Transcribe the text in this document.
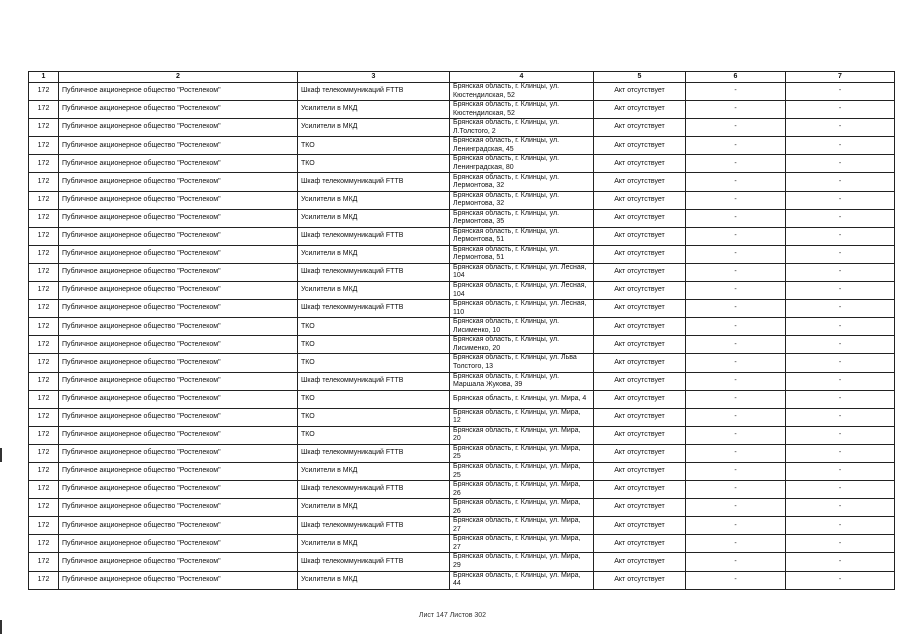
1	2	3	4	5	6	7
172	Публичное акционерное общество "Ростелеком"	Шкаф телекоммуникаций FTTB	Брянская область, г. Клинцы, ул. Кюстендилская, 52	Акт отсутствует	-	-
172	Публичное акционерное общество "Ростелеком"	Усилители в МКД	Брянская область, г. Клинцы, ул. Кюстендилская, 52	Акт отсутствует	-	-
172	Публичное акционерное общество "Ростелеком"	Усилители в МКД	Брянская область, г. Клинцы, ул. Л.Толстого, 2	Акт отсутствует	-	-
172	Публичное акционерное общество "Ростелеком"	ТКО	Брянская область, г. Клинцы, ул. Ленинградская, 45	Акт отсутствует	-	-
172	Публичное акционерное общество "Ростелеком"	ТКО	Брянская область, г. Клинцы, ул. Ленинградская, 80	Акт отсутствует	-	-
172	Публичное акционерное общество "Ростелеком"	Шкаф телекоммуникаций FTTB	Брянская область, г. Клинцы, ул. Лермонтова, 32	Акт отсутствует	-	-
172	Публичное акционерное общество "Ростелеком"	Усилители в МКД	Брянская область, г. Клинцы, ул. Лермонтова, 32	Акт отсутствует	-	-
172	Публичное акционерное общество "Ростелеком"	Усилители в МКД	Брянская область, г. Клинцы, ул. Лермонтова, 35	Акт отсутствует	-	-
172	Публичное акционерное общество "Ростелеком"	Шкаф телекоммуникаций FTTB	Брянская область, г. Клинцы, ул. Лермонтова, 51	Акт отсутствует	-	-
172	Публичное акционерное общество "Ростелеком"	Усилители в МКД	Брянская область, г. Клинцы, ул. Лермонтова, 51	Акт отсутствует	-	-
172	Публичное акционерное общество "Ростелеком"	Шкаф телекоммуникаций FTTB	Брянская область, г. Клинцы, ул. Лесная, 104	Акт отсутствует	-	-
172	Публичное акционерное общество "Ростелеком"	Усилители в МКД	Брянская область, г. Клинцы, ул. Лесная, 104	Акт отсутствует	-	-
172	Публичное акционерное общество "Ростелеком"	Шкаф телекоммуникаций FTTB	Брянская область, г. Клинцы, ул. Лесная, 110	Акт отсутствует	-	-
172	Публичное акционерное общество "Ростелеком"	ТКО	Брянская область, г. Клинцы, ул. Лисименко, 10	Акт отсутствует	-	-
172	Публичное акционерное общество "Ростелеком"	ТКО	Брянская область, г. Клинцы, ул. Лисименко, 20	Акт отсутствует	-	-
172	Публичное акционерное общество "Ростелеком"	ТКО	Брянская область, г. Клинцы, ул. Льва Толстого, 13	Акт отсутствует	-	-
172	Публичное акционерное общество "Ростелеком"	Шкаф телекоммуникаций FTTB	Брянская область, г. Клинцы, ул. Маршала Жукова, 39	Акт отсутствует	-	-
172	Публичное акционерное общество "Ростелеком"	ТКО	Брянская область, г. Клинцы, ул. Мира, 4	Акт отсутствует	-	-
172	Публичное акционерное общество "Ростелеком"	ТКО	Брянская область, г. Клинцы, ул. Мира, 12	Акт отсутствует	-	-
172	Публичное акционерное общество "Ростелеком"	ТКО	Брянская область, г. Клинцы, ул. Мира, 20	Акт отсутствует	-	-
172	Публичное акционерное общество "Ростелеком"	Шкаф телекоммуникаций FTTB	Брянская область, г. Клинцы, ул. Мира, 25	Акт отсутствует	-	-
172	Публичное акционерное общество "Ростелеком"	Усилители в МКД	Брянская область, г. Клинцы, ул. Мира, 25	Акт отсутствует	-	-
172	Публичное акционерное общество "Ростелеком"	Шкаф телекоммуникаций FTTB	Брянская область, г. Клинцы, ул. Мира, 26	Акт отсутствует	-	-
172	Публичное акционерное общество "Ростелеком"	Усилители в МКД	Брянская область, г. Клинцы, ул. Мира, 26	Акт отсутствует	-	-
172	Публичное акционерное общество "Ростелеком"	Шкаф телекоммуникаций FTTB	Брянская область, г. Клинцы, ул. Мира, 27	Акт отсутствует	-	-
172	Публичное акционерное общество "Ростелеком"	Усилители в МКД	Брянская область, г. Клинцы, ул. Мира, 27	Акт отсутствует	-	-
172	Публичное акционерное общество "Ростелеком"	Шкаф телекоммуникаций FTTB	Брянская область, г. Клинцы, ул. Мира, 29	Акт отсутствует	-	-
172	Публичное акционерное общество "Ростелеком"	Усилители в МКД	Брянская область, г. Клинцы, ул. Мира, 44	Акт отсутствует	-	-
Лист 147 Листов 302
